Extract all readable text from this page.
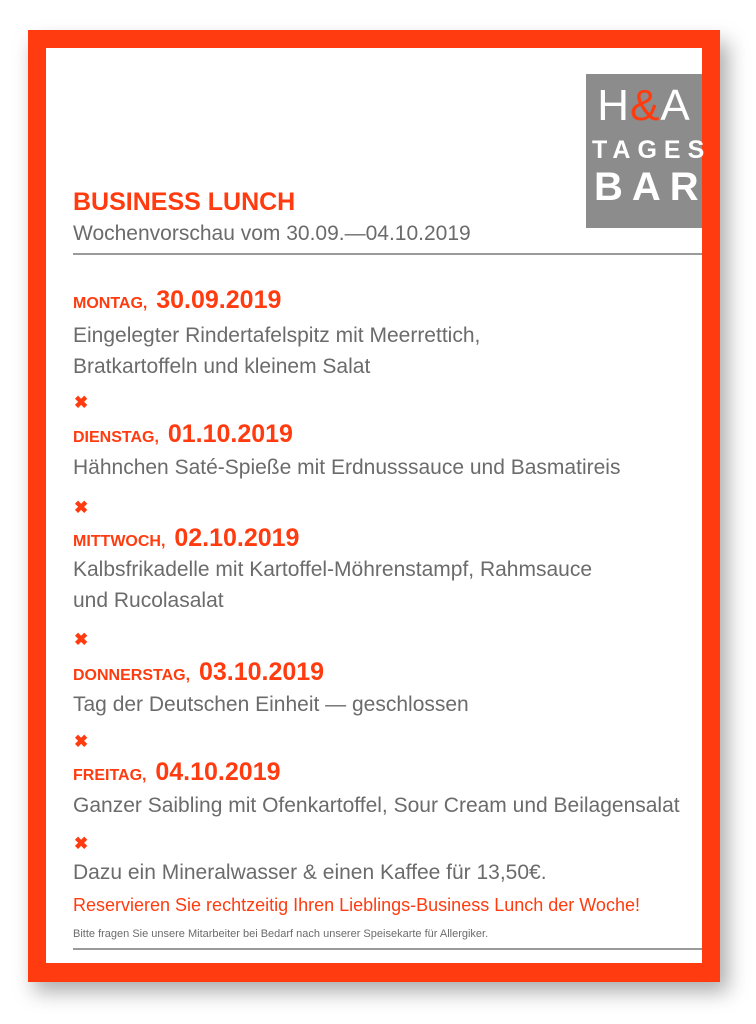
H&A
TAGES
BAR
BUSINESS LUNCH
Wochenvorschau vom 30.09.—04.10.2019
MONTAG, 30.09.2019
Eingelegter Rindertafelspitz mit Meerrettich,
Bratkartoffeln und kleinem Salat
✖
DIENSTAG, 01.10.2019
Hähnchen Saté-Spieße mit Erdnusssauce und Basmatireis
✖
MITTWOCH, 02.10.2019
Kalbsfrikadelle mit Kartoffel-Möhrenstampf, Rahmsauce
und Rucolasalat
✖
DONNERSTAG, 03.10.2019
Tag der Deutschen Einheit — geschlossen
✖
FREITAG, 04.10.2019
Ganzer Saibling mit Ofenkartoffel, Sour Cream und Beilagensalat
✖
Dazu ein Mineralwasser & einen Kaffee für 13,50€.
Reservieren Sie rechtzeitig Ihren Lieblings-Business Lunch der Woche!
Bitte fragen Sie unsere Mitarbeiter bei Bedarf nach unserer Speisekarte für Allergiker.
